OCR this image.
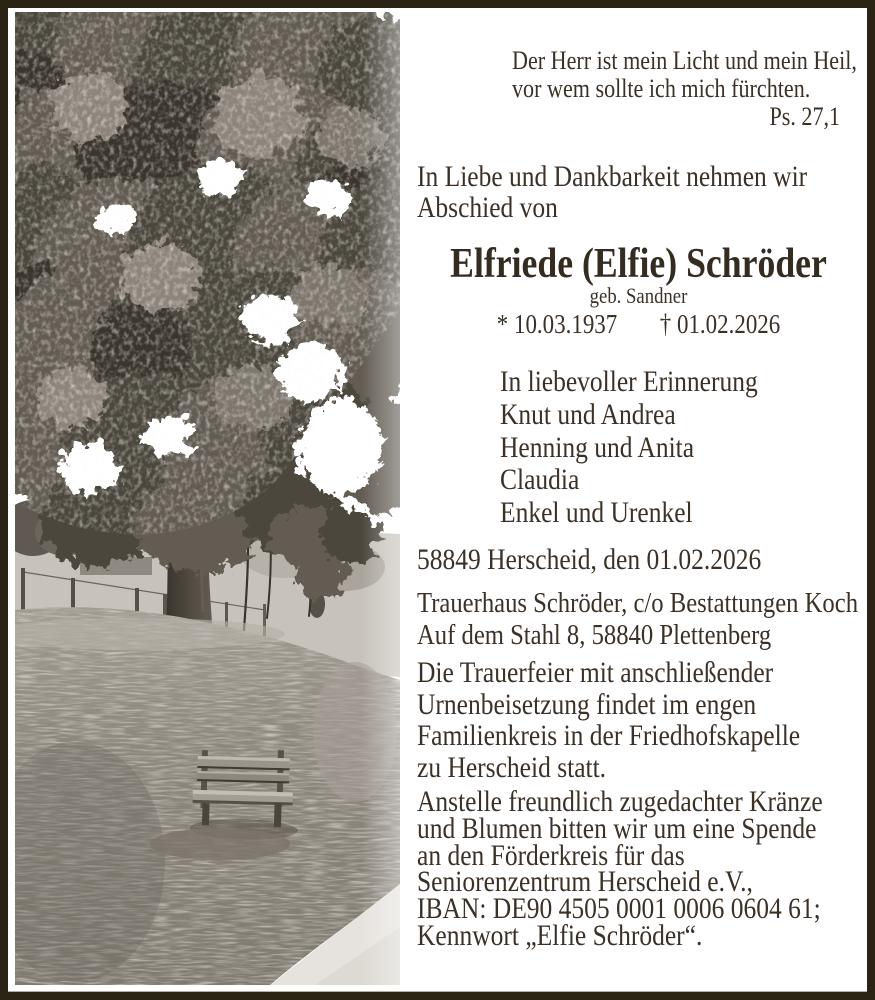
Der Herr ist mein Licht und mein Heil,
vor wem sollte ich mich fürchten.
Ps. 27,1
In Liebe und Dankbarkeit nehmen wir
Abschied von
Elfriede (Elfie) Schröder
geb. Sandner
* 10.03.1937 † 01.02.2026
In liebevoller Erinnerung
Knut und Andrea
Henning und Anita
Claudia
Enkel und Urenkel
58849 Herscheid, den 01.02.2026
Trauerhaus Schröder, c/o Bestattungen Koch
Auf dem Stahl 8, 58840 Plettenberg
Die Trauerfeier mit anschließender
Urnenbeisetzung findet im engen
Familienkreis in der Friedhofskapelle
zu Herscheid statt.
Anstelle freundlich zugedachter Kränze
und Blumen bitten wir um eine Spende
an den Förderkreis für das
Seniorenzentrum Herscheid e.V.,
IBAN: DE90 4505 0001 0006 0604 61;
Kennwort „Elfie Schröder“.
